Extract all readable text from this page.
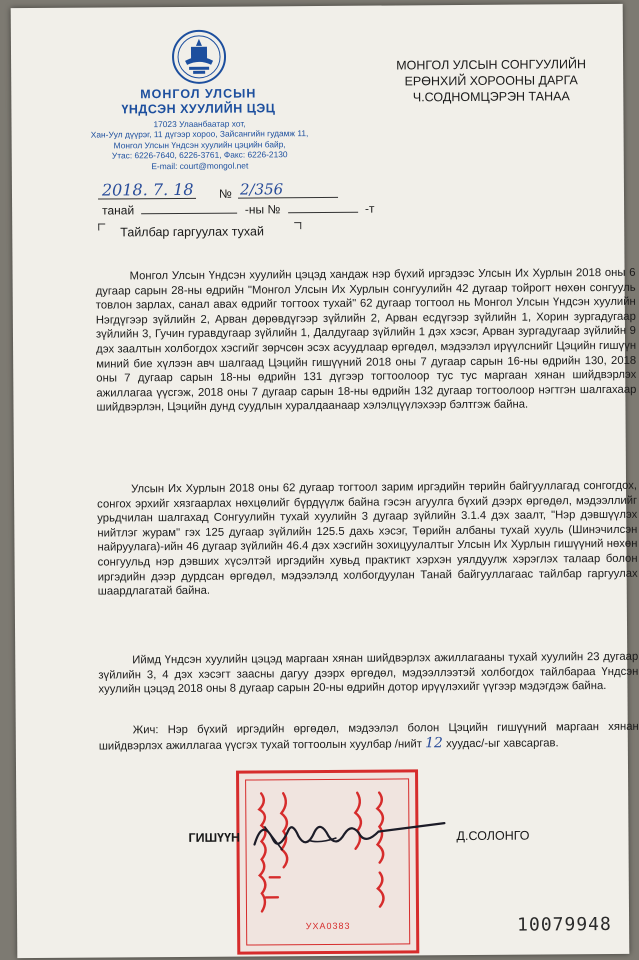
МОНГОЛ УЛСЫН
ҮНДСЭН ХУУЛИЙН ЦЭЦ
17023 Улаанбаатар хот,
Хан-Уул дүүрэг, 11 дүгээр хороо, Зайсангийн гудамж 11,
Монгол Улсын Үндсэн хуулийн цэцийн байр,
Утас: 6226-7640, 6226-3761, Факс: 6226-2130
E-mail: court@mongol.net
МОНГОЛ УЛСЫН СОНГУУЛИЙН
ЕРӨНХИЙ ХОРООНЫ ДАРГА
Ч.СОДНОМЦЭРЭН ТАНАА
2018. 7. 18 № 2/356
танай	-ны №	-т
Тайлбар гаргуулах тухай

Монгол Улсын Үндсэн хуулийн цэцэд хандаж нэр бүхий иргэдээс Улсын Их Хурлын 2018 оны 6 дугаар сарын 28-ны өдрийн "Монгол Улсын Их Хурлын сонгуулийн 42 дугаар тойрогт нөхөн сонгууль товлон зарлах, санал авах өдрийг тогтоох тухай" 62 дугаар тогтоол нь Монгол Улсын Үндсэн хуулийн Нэгдүгээр зүйлийн 2, Арван дөрөвдүгээр зүйлийн 2, Арван есдүгээр зүйлийн 1, Хорин зургадугаар зүйлийн 3, Гучин гуравдугаар зүйлийн 1, Далдугаар зүйлийн 1 дэх хэсэг, Арван зургадугаар зүйлийн 9 дэх заалтын холбогдох хэсгийг зөрчсөн эсэх асуудлаар өргөдөл, мэдээлэл ирүүлснийг Цэцийн гишүүн миний бие хүлээн авч шалгаад Цэцийн гишүүний 2018 оны 7 дугаар сарын 16-ны өдрийн 130, 2018 оны 7 дугаар сарын 18-ны өдрийн 131 дүгээр тогтоолоор тус тус маргаан хянан шийдвэрлэх ажиллагаа үүсгэж, 2018 оны 7 дугаар сарын 18-ны өдрийн 132 дугаар тогтоолоор нэгтгэн шалгахаар шийдвэрлэн, Цэцийн дунд суудлын хуралдаанаар хэлэлцүүлэхээр бэлтгэж байна.

Улсын Их Хурлын 2018 оны 62 дугаар тогтоол зарим иргэдийн төрийн байгууллагад сонгогдох, сонгох эрхийг хязгаарлах нөхцөлийг бүрдүүлж байна гэсэн агуулга бүхий дээрх өргөдөл, мэдээллийг урьдчилан шалгахад Сонгуулийн тухай хуулийн 3 дугаар зүйлийн 3.1.4 дэх заалт, "Нэр дэвшүүлэх нийтлэг журам" гэх 125 дугаар зүйлийн 125.5 дахь хэсэг, Төрийн албаны тухай хууль (Шинэчилсэн найруулага)-ийн 46 дугаар зүйлийн 46.4 дэх хэсгийн зохицуулалтыг Улсын Их Хурлын гишүүний нөхөн сонгуульд нэр дэвших хүсэлтэй иргэдийн хувьд практикт хэрхэн уялдуулж хэрэглэх талаар болон иргэдийн дээр дурдсан өргөдөл, мэдээлэлд холбогдуулан Танай байгууллагаас тайлбар гаргуулах шаардлагатай байна.

Иймд Үндсэн хуулийн цэцэд маргаан хянан шийдвэрлэх ажиллагааны тухай хуулийн 23 дугаар зүйлийн 3, 4 дэх хэсэгт заасны дагуу дээрх өргөдөл, мэдээллээтэй холбогдох тайлбараа Үндсэн хуулийн цэцэд 2018 оны 8 дугаар сарын 20-ны өдрийн дотор ирүүлэхийг үүгээр мэдэгдэж байна.

Жич: Нэр бүхий иргэдийн өргөдөл, мэдээлэл болон Цэцийн гишүүний маргаан хянан шийдвэрлэх ажиллагаа үүсгэх тухай тогтоолын хуулбар /нийт 12 хуудас/-ыг хавсаргав.

УХА0383
ГИШҮҮН	Д.СОЛОНГО
10079948
